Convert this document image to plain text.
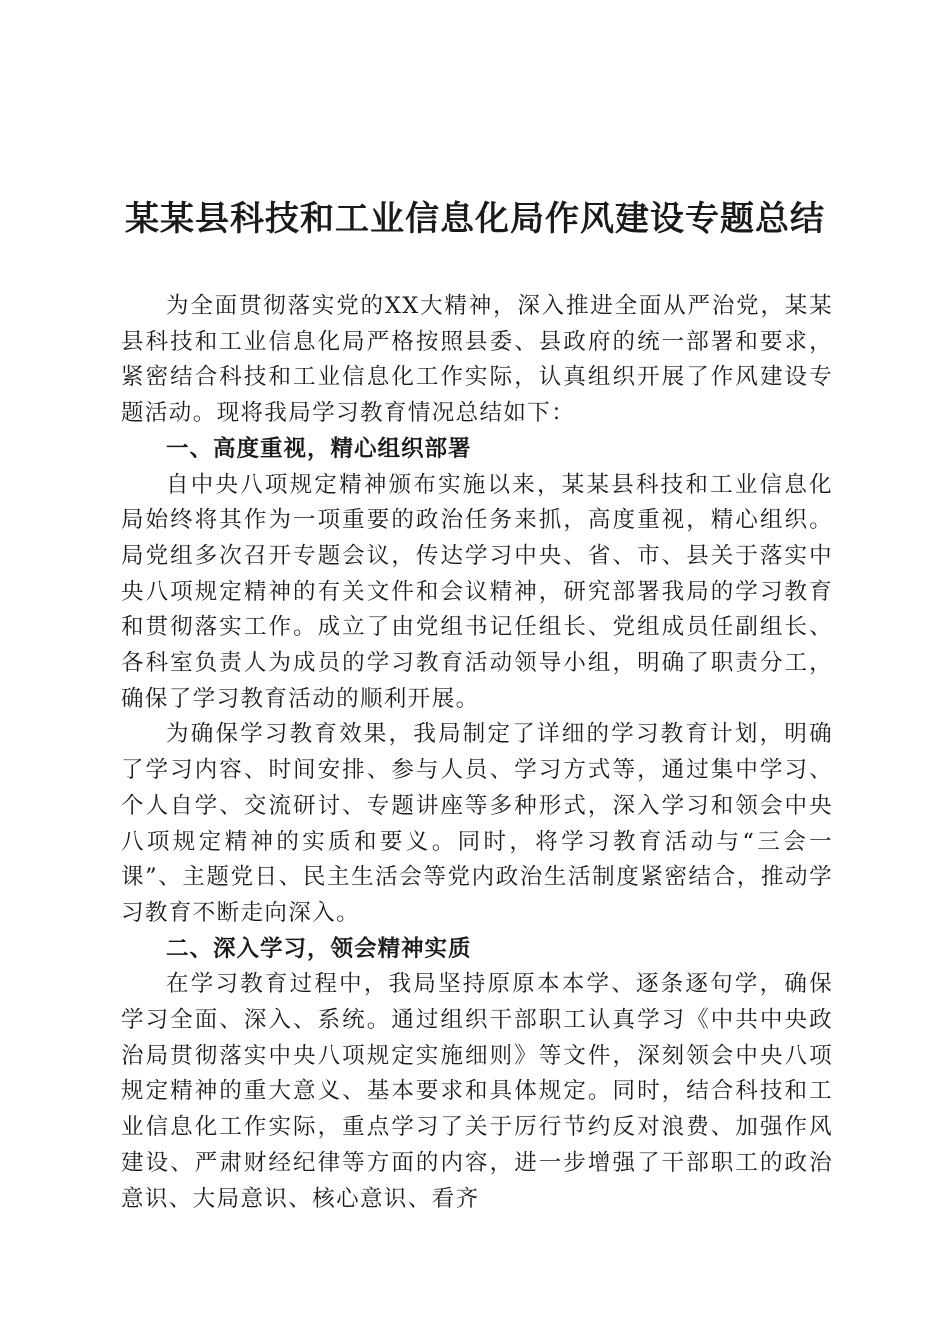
某某县科技和工业信息化局作风建设专题总结

为全面贯彻落实党的XX大精神，深入推进全面从严治党，某某县科技和工业信息化局严格按照县委、县政府的统一部署和要求，紧密结合科技和工业信息化工作实际，认真组织开展了作风建设专题活动。现将我局学习教育情况总结如下：

一、高度重视，精心组织部署

自中央八项规定精神颁布实施以来，某某县科技和工业信息化局始终将其作为一项重要的政治任务来抓，高度重视，精心组织。局党组多次召开专题会议，传达学习中央、省、市、县关于落实中央八项规定精神的有关文件和会议精神，研究部署我局的学习教育和贯彻落实工作。成立了由党组书记任组长、党组成员任副组长、各科室负责人为成员的学习教育活动领导小组，明确了职责分工，确保了学习教育活动的顺利开展。

为确保学习教育效果，我局制定了详细的学习教育计划，明确了学习内容、时间安排、参与人员、学习方式等，通过集中学习、个人自学、交流研讨、专题讲座等多种形式，深入学习和领会中央八项规定精神的实质和要义。同时，将学习教育活动与“三会一课”、主题党日、民主生活会等党内政治生活制度紧密结合，推动学习教育不断走向深入。

二、深入学习，领会精神实质

在学习教育过程中，我局坚持原原本本学、逐条逐句学，确保学习全面、深入、系统。通过组织干部职工认真学习《中共中央政治局贯彻落实中央八项规定实施细则》等文件，深刻领会中央八项规定精神的重大意义、基本要求和具体规定。同时，结合科技和工业信息化工作实际，重点学习了关于厉行节约反对浪费、加强作风建设、严肃财经纪律等方面的内容，进一步增强了干部职工的政治意识、大局意识、核心意识、看齐
